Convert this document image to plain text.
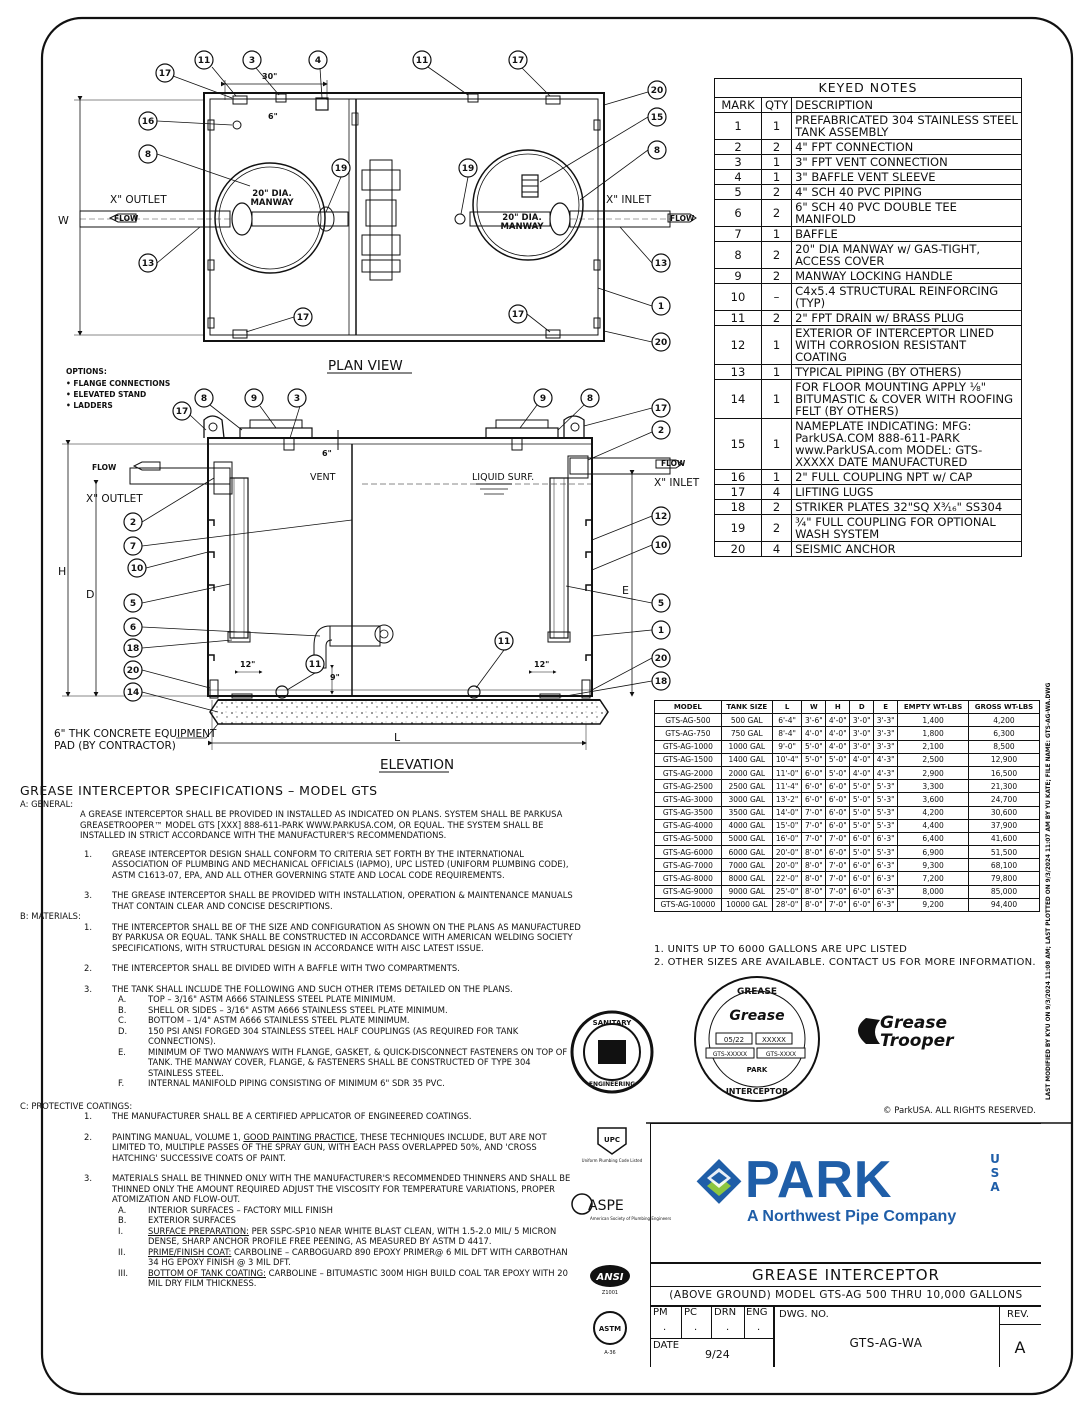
11	3	4	11	17
17
16
8
19	19
15
8
20
13	13
17	17
1
20
17
8	9	3	9	8
17
2
2
7
10
5
6
18
20
14
12
10
5
1
20
18
11
11
30"
6"
W
X" OUTLET	X" INLET
FLOW	FLOW
20" DIA.
MANWAY
20" DIA.
MANWAY
PLAN VIEW
ELEVATION
6"
VENT	LIQUID SURF.
FLOW	FLOW
X" OUTLET
X" INLET
H
D	E
L
12"	12"
9"
6" THK CONCRETE EQUIPMENT
PAD (BY CONTRACTOR)
OPTIONS:
• FLANGE CONNECTIONS
• ELEVATED STAND
• LADDERS
LAST MODIFIED BY KYU ON 9/3/2024 11:08 AM; LAST PLOTTED ON 9/3/2024 11:07 AM BY YU KATE; FILE NAME: GTS-AG-WA.DWG
SANITARY
ENGINEERING
GREASE
INTERCEPTOR
Grease
05/22	XXXXX
GTS-XXXXX	GTS-XXXX
PARK
Grease
Trooper
© ParkUSA. ALL RIGHTS RESERVED.
UPC
Uniform Plumbing Code Listed
ASPE
American Society of Plumbing Engineers
ANSI
Z1001
ASTM
A-36
KEYED NOTES		
MARK	QTY	DESCRIPTION
1	1	PREFABRICATED 304 STAINLESS STEEL TANK ASSEMBLY
2	2	4" FPT CONNECTION
3	1	3" FPT VENT CONNECTION
4	1	3" BAFFLE VENT SLEEVE
5	2	4" SCH 40 PVC PIPING
6	2	6" SCH 40 PVC DOUBLE TEE MANIFOLD
7	1	BAFFLE
8	2	20" DIA MANWAY w/ GAS-TIGHT, ACCESS COVER
9	2	MANWAY LOCKING HANDLE
10	–	C4x5.4 STRUCTURAL REINFORCING (TYP)
11	2	2" FPT DRAIN w/ BRASS PLUG
12	1	EXTERIOR OF INTERCEPTOR LINED WITH CORROSION RESISTANT COATING
13	1	TYPICAL PIPING (BY OTHERS)
14	1	FOR FLOOR MOUNTING APPLY ⅛" BITUMASTIC & COVER WITH ROOFING FELT (BY OTHERS)
15	1	NAMEPLATE INDICATING: MFG: ParkUSA.COM 888-611-PARK www.ParkUSA.com MODEL: GTS-XXXXX DATE MANUFACTURED
16	1	2" FULL COUPLING NPT w/ CAP
17	4	LIFTING LUGS
18	2	STRIKER PLATES 32"SQ X³⁄₁₆" SS304
19	2	¾" FULL COUPLING FOR OPTIONAL WASH SYSTEM
20	4	SEISMIC ANCHOR
MODEL	TANK SIZE	L	W	H	D	E	EMPTY WT-LBS	GROSS WT-LBS
GTS-AG-500	500 GAL	6'-4"	3'-6"	4'-0"	3'-0"	3'-3"	1,400	4,200
GTS-AG-750	750 GAL	8'-4"	4'-0"	4'-0"	3'-0"	3'-3"	1,800	6,300
GTS-AG-1000	1000 GAL	9'-0"	5'-0"	4'-0"	3'-0"	3'-3"	2,100	8,500
GTS-AG-1500	1400 GAL	10'-4"	5'-0"	5'-0"	4'-0"	4'-3"	2,500	12,900
GTS-AG-2000	2000 GAL	11'-0"	6'-0"	5'-0"	4'-0"	4'-3"	2,900	16,500
GTS-AG-2500	2500 GAL	11'-4"	6'-0"	6'-0"	5'-0"	5'-3"	3,300	21,300
GTS-AG-3000	3000 GAL	13'-2"	6'-0"	6'-0"	5'-0"	5'-3"	3,600	24,700
GTS-AG-3500	3500 GAL	14'-0"	7'-0"	6'-0"	5'-0"	5'-3"	4,200	30,600
GTS-AG-4000	4000 GAL	15'-0"	7'-0"	6'-0"	5'-0"	5'-3"	4,400	37,900
GTS-AG-5000	5000 GAL	16'-0"	7'-0"	7'-0"	6'-0"	6'-3"	6,400	41,600
GTS-AG-6000	6000 GAL	20'-0"	8'-0"	6'-0"	5'-0"	5'-3"	6,900	51,500
GTS-AG-7000	7000 GAL	20'-0"	8'-0"	7'-0"	6'-0"	6'-3"	9,300	68,100
GTS-AG-8000	8000 GAL	22'-0"	8'-0"	7'-0"	6'-0"	6'-3"	7,200	79,800
GTS-AG-9000	9000 GAL	25'-0"	8'-0"	7'-0"	6'-0"	6'-3"	8,000	85,000
GTS-AG-10000	10000 GAL	28'-0"	8'-0"	7'-0"	6'-0"	6'-3"	9,200	94,400
1. UNITS UP TO 6000 GALLONS ARE UPC LISTED
2. OTHER SIZES ARE AVAILABLE. CONTACT US FOR MORE INFORMATION.
GREASE INTERCEPTOR SPECIFICATIONS – MODEL GTS
A: GENERAL:
A GREASE INTERCEPTOR SHALL BE PROVIDED IN INSTALLED AS INDICATED ON PLANS. SYSTEM SHALL BE PARKUSA GREASETROOPER™ MODEL GTS [XXX] 888-611-PARK WWW.PARKUSA.COM, OR EQUAL. THE SYSTEM SHALL BE INSTALLED IN STRICT ACCORDANCE WITH THE MANUFACTURER'S RECOMMENDATIONS.
1. GREASE INTERCEPTOR DESIGN SHALL CONFORM TO CRITERIA SET FORTH BY THE INTERNATIONAL ASSOCIATION OF PLUMBING AND MECHANICAL OFFICIALS (IAPMO), UPC LISTED (UNIFORM PLUMBING CODE), ASTM C1613-07, EPA, AND ALL OTHER GOVERNING STATE AND LOCAL CODE REQUIREMENTS.
3. THE GREASE INTERCEPTOR SHALL BE PROVIDED WITH INSTALLATION, OPERATION & MAINTENANCE MANUALS THAT CONTAIN CLEAR AND CONCISE DESCRIPTIONS.
B: MATERIALS:
1. THE INTERCEPTOR SHALL BE OF THE SIZE AND CONFIGURATION AS SHOWN ON THE PLANS AS MANUFACTURED BY PARKUSA OR EQUAL. TANK SHALL BE CONSTRUCTED IN ACCORDANCE WITH AMERICAN WELDING SOCIETY SPECIFICATIONS, WITH STRUCTURAL DESIGN IN ACCORDANCE WITH AISC LATEST ISSUE.
2. THE INTERCEPTOR SHALL BE DIVIDED WITH A BAFFLE WITH TWO COMPARTMENTS.
3. THE TANK SHALL INCLUDE THE FOLLOWING AND SUCH OTHER ITEMS DETAILED ON THE PLANS.
A.	TOP – 3/16" ASTM A666 STAINLESS STEEL PLATE MINIMUM.
B.	SHELL OR SIDES – 3/16" ASTM A666 STAINLESS STEEL PLATE MINIMUM.
C.	BOTTOM – 1/4" ASTM A666 STAINLESS STEEL PLATE MINIMUM.
D. 150 PSI ANSI FORGED 304 STAINLESS STEEL HALF COUPLINGS (AS REQUIRED FOR TANK CONNECTIONS).
E.	MINIMUM OF TWO MANWAYS WITH FLANGE, GASKET, & QUICK-DISCONNECT FASTENERS ON TOP OF TANK. THE MANWAY COVER, FLANGE, & FASTENERS SHALL BE CONSTRUCTED OF TYPE 304 STAINLESS STEEL.
F.	INTERNAL MANIFOLD PIPING CONSISTING OF MINIMUM 6" SDR 35 PVC.
C: PROTECTIVE COATINGS:
1. THE MANUFACTURER SHALL BE A CERTIFIED APPLICATOR OF ENGINEERED COATINGS.
2. PAINTING MANUAL, VOLUME 1, GOOD PAINTING PRACTICE, THESE TECHNIQUES INCLUDE, BUT ARE NOT LIMITED TO, MULTIPLE PASSES OF THE SPRAY GUN, WITH EACH PASS OVERLAPPED 50%, AND 'CROSS HATCHING' SUCCESSIVE COATS OF PAINT.
3. MATERIALS SHALL BE THINNED ONLY WITH THE MANUFACTURER'S RECOMMENDED THINNERS AND SHALL BE THINNED ONLY THE AMOUNT REQUIRED ADJUST THE VISCOSITY FOR TEMPERATURE VARIATIONS, PROPER ATOMIZATION AND FLOW-OUT.
A.	INTERIOR SURFACES – FACTORY MILL FINISH
B.	EXTERIOR SURFACES
I.	SURFACE PREPARATION: PER SSPC-SP10 NEAR WHITE BLAST CLEAN, WITH 1.5-2.0 MIL/ 5 MICRON DENSE, SHARP ANCHOR PROFILE FREE PEENING, AS MEASURED BY ASTM D 4417.
II.	PRIME/FINISH COAT: CARBOLINE – CARBOGUARD 890 EPOXY PRIMER@ 6 MIL DFT WITH CARBOTHAN 34 HG EPOXY FINISH @ 3 MIL DFT.
III. BOTTOM OF TANK COATING: CARBOLINE – BITUMASTIC 300M HIGH BUILD COAL TAR EPOXY WITH 20 MIL DRY FILM THICKNESS.
PARK	USA
A Northwest Pipe Company
GREASE INTERCEPTOR
(ABOVE GROUND) MODEL GTS-AG 500 THRU 10,000 GALLONS
PM PC DRN ENG
.	.	.	.
DWG. NO.
GTS-AG-WA
REV.
A
DATE
9/24
